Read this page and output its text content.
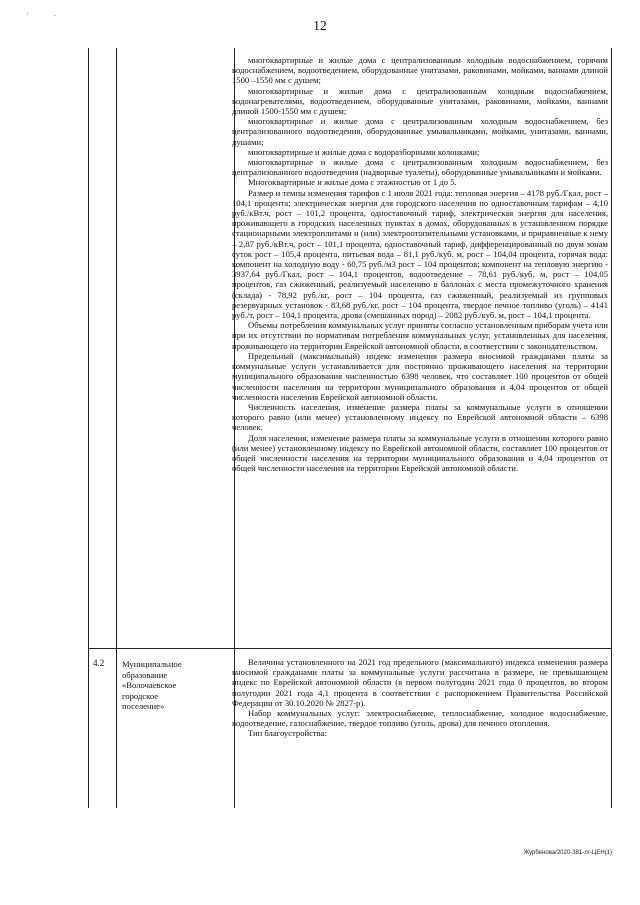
' ·
12

многоквартирные и жилые дома с централизованным холодным водоснабжением, горячим водоснабжением, водоотведением, оборудованные унитазами, раковинами, мойками, ваннами длиной 1500 –1550 мм с душем;

многоквартирные и жилые дома с централизованным холодным водоснабжением, водонагревателями, водоотведением, оборудованные унитазами, раковинами, мойками, ваннами длиной 1500-1550 мм с душем;

многоквартирные и жилые дома с централизованным холодным водоснабжением, без централизованного водоотведения, оборудованные умывальниками, мойками, унитазами, ваннами, душами;

многоквартирные и жилые дома с водоразборными колонками;

многоквартирные и жилые дома с централизованным холодным водоснабжением, без централизованного водоотведения (надворные туалеты), оборудованные умывальниками и мойками.

Многоквартирные и жилые дома с этажностью от 1 до 5.

Размер и темпы изменения тарифов с 1 июля 2021 года: тепловая энергия – 4178 руб./Гкал, рост – 104,1 процента; электрическая энергия для городского населения по одноставочным тарифам – 4,10 руб./кВт.ч, рост – 101,2 процента, одноставочный тариф, электрическая энергия для населения, проживающего в городских населенных пунктах в домах, оборудованных в установленном порядке стационарными электроплитами и (или) электроотопительными установками, и приравненные к нему – 2,87 руб./кВт.ч, рост – 101,1 процента, одноставочный тариф, дифференцированный по двум зонам суток рост – 105,4 процента, питьевая вода – 81,1 руб./куб. м, рост – 104,04 процента, горячая вода: компонент на холодную воду - 60,75 руб./м3 рост – 104 процентов; компонент на тепловую энергию - 3937,64 руб./Гкал, рост – 104,1 процентов, водоотведение – 78,61 руб./куб. м, рост – 104,05 процентов, газ сжиженный, реализуемый населению в баллонах с места промежуточного хранения (склада) - 78,92 руб./кг, рост – 104 процента, газ сжиженный, реализуемый из групповых резервуарных установок - 83,68 руб./кг, рост – 104 процента, твердое печное топливо (уголь) – 4141 руб./т, рост – 104,1 процента, дрова (смешанных пород) – 2082 руб./куб. м, рост – 104,1 процента.

Объемы потребления коммунальных услуг приняты согласно установленным приборам учета или при их отсутствии по нормативам потребления коммунальных услуг, установленных для населения, проживающего на территории Еврейской автономной области, в соответствии с законодательством.

Предельный (максимальный) индекс изменения размера вносимой гражданами платы за коммунальные услуги устанавливается для постоянно проживающего населения на территории муниципального образования численностью 6398 человек, что составляет 100 процентов от общей численности населения на территории муниципального образования и 4,04 процентов от общей численности населения Еврейской автономной области.

Численность населения, изменение размера платы за коммунальные услуги в отношении которого равно (или менее) установленному индексу по Еврейской автономной области – 6398 человек.

Доля населения, изменение размера платы за коммунальные услуги в отношении которого равно (или менее) установленному индексу по Еврейской автономной области, составляет 100 процентов от общей численности населения на территории муниципального образования и 4,04 процентов от общей численности населения на территории Еврейской автономной области.

4.2 Муниципальное
образование
«Волочаевское
городское
поселение»

Величина установленного на 2021 год предельного (максимального) индекса изменения размера вносимой гражданами платы за коммунальные услуги рассчитана в размере, не превышающем индекс по Еврейской автономной области (в первом полугодии 2021 года 0 процентов, во втором полугодии 2021 года 4,1 процента в соответствии с распоряжением Правительства Российской Федерации от 30.10.2020 № 2827-р).

Набор коммунальных услуг: электроснабжение, теплоснабжение, холодное водоснабжение, водоотведение, газоснабжение, твердое топливо (уголь, дрова) для печного отопления.

Тип благоустройства:

Журбенова/2020-381-лг-ЦЕН(1)
